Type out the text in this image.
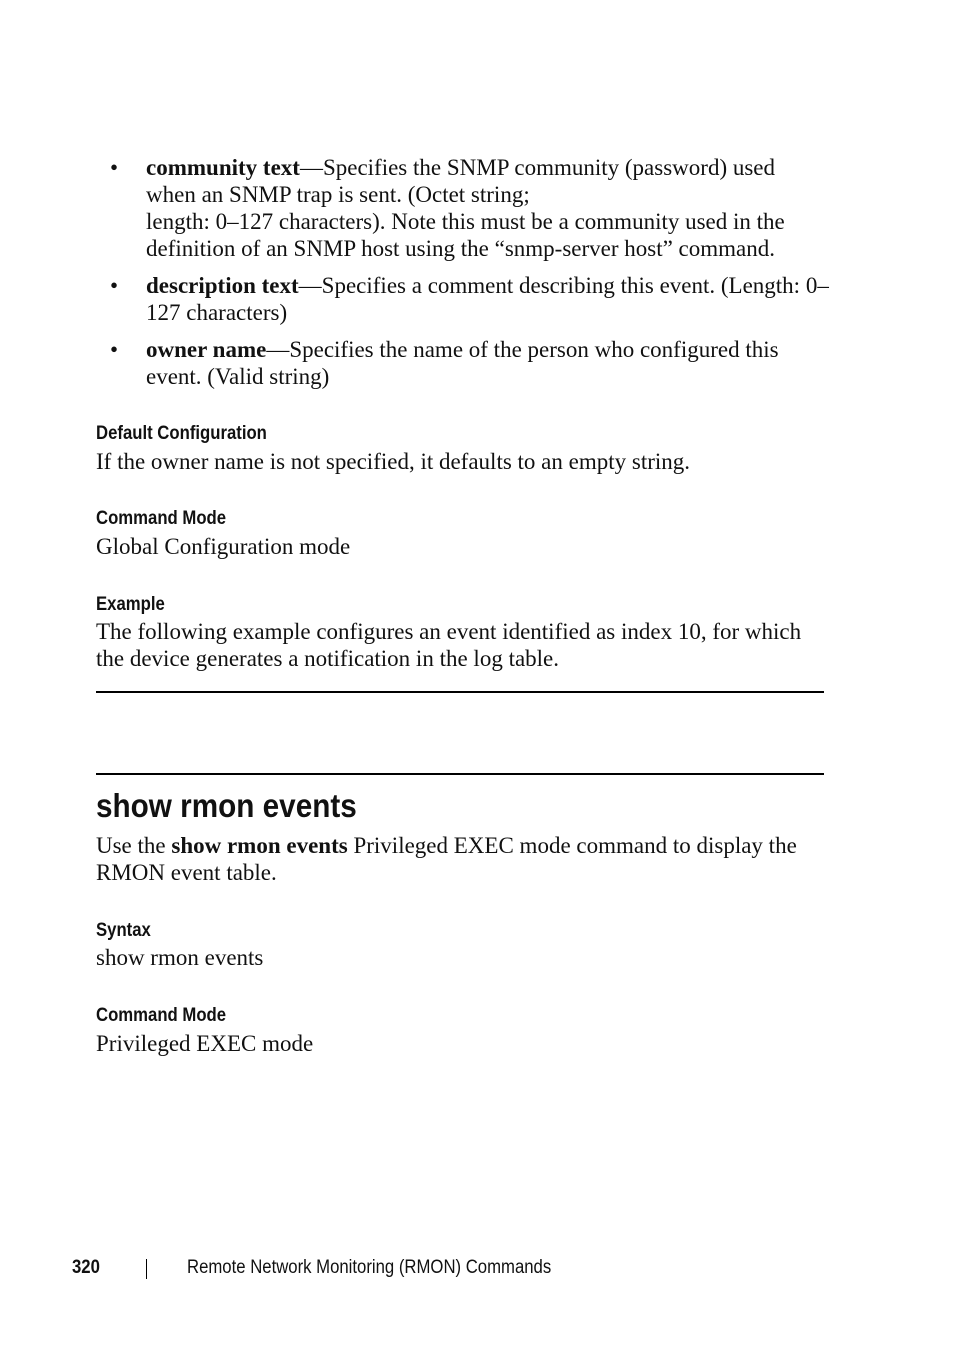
• community text—Specifies the SNMP community (password) used when an SNMP trap is sent. (Octet string;
length: 0–127 characters). Note this must be a community used in the definition of an SNMP host using the “snmp-server host” command.
• description text—Specifies a comment describing this event. (Length: 0–127 characters)
• owner name—Specifies the name of the person who configured this event. (Valid string)
Default Configuration
If the owner name is not specified, it defaults to an empty string.
Command Mode
Global Configuration mode
Example
The following example configures an event identified as index 10, for which the device generates a notification in the log table.
show rmon events
Use the show rmon events Privileged EXEC mode command to display the RMON event table.
Syntax
show rmon events
Command Mode
Privileged EXEC mode
320	Remote Network Monitoring (RMON) Commands
